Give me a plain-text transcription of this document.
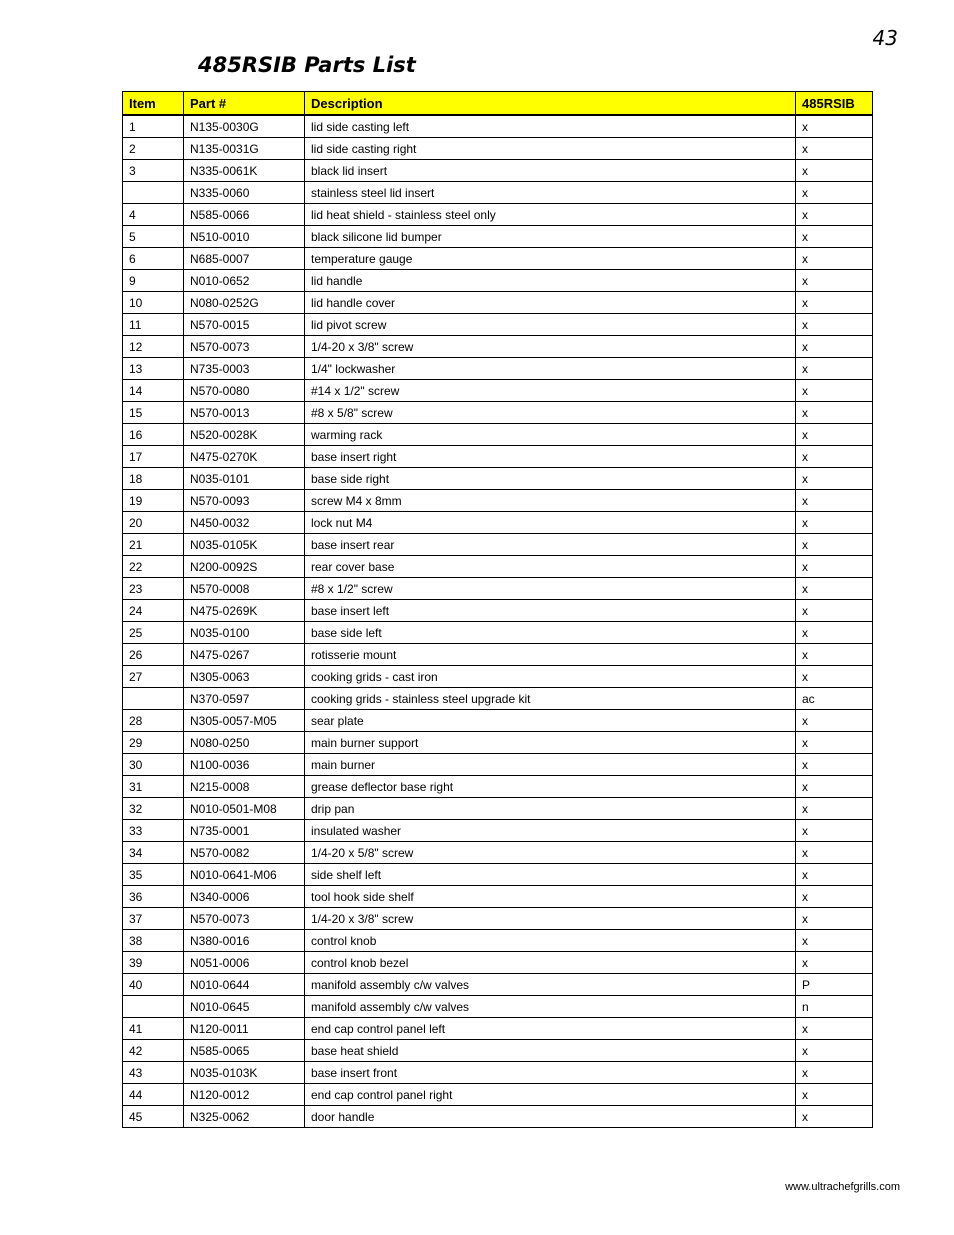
43
485RSIB Parts List
Item	Part #	Description	485RSIB
1	N135-0030G	lid side casting left	x
2	N135-0031G	lid side casting right	x
3	N335-0061K	black lid insert	x
	N335-0060	stainless steel lid insert	x
4	N585-0066	lid heat shield - stainless steel only	x
5	N510-0010	black silicone lid bumper	x
6	N685-0007	temperature gauge	x
9	N010-0652	lid handle	x
10	N080-0252G	lid handle cover	x
11	N570-0015	lid pivot screw	x
12	N570-0073	1/4-20 x 3/8" screw	x
13	N735-0003	1/4" lockwasher	x
14	N570-0080	#14 x 1/2" screw	x
15	N570-0013	#8 x 5/8" screw	x
16	N520-0028K	warming rack	x
17	N475-0270K	base insert right	x
18	N035-0101	base side right	x
19	N570-0093	screw M4 x 8mm	x
20	N450-0032	lock nut M4	x
21	N035-0105K	base insert rear	x
22	N200-0092S	rear cover base	x
23	N570-0008	#8 x 1/2" screw	x
24	N475-0269K	base insert left	x
25	N035-0100	base side left	x
26	N475-0267	rotisserie mount	x
27	N305-0063	cooking grids - cast iron	x
	N370-0597	cooking grids - stainless steel upgrade kit	ac
28	N305-0057-M05	sear plate	x
29	N080-0250	main burner support	x
30	N100-0036	main burner	x
31	N215-0008	grease deflector base right	x
32	N010-0501-M08	drip pan	x
33	N735-0001	insulated washer	x
34	N570-0082	1/4-20 x 5/8" screw	x
35	N010-0641-M06	side shelf left	x
36	N340-0006	tool hook side shelf	x
37	N570-0073	1/4-20 x 3/8" screw	x
38	N380-0016	control knob	x
39	N051-0006	control knob bezel	x
40	N010-0644	manifold assembly c/w valves	P
	N010-0645	manifold assembly c/w valves	n
41	N120-0011	end cap control panel left	x
42	N585-0065	base heat shield	x
43	N035-0103K	base insert front	x
44	N120-0012	end cap control panel right	x
45	N325-0062	door handle	x
www.ultrachefgrills.com
